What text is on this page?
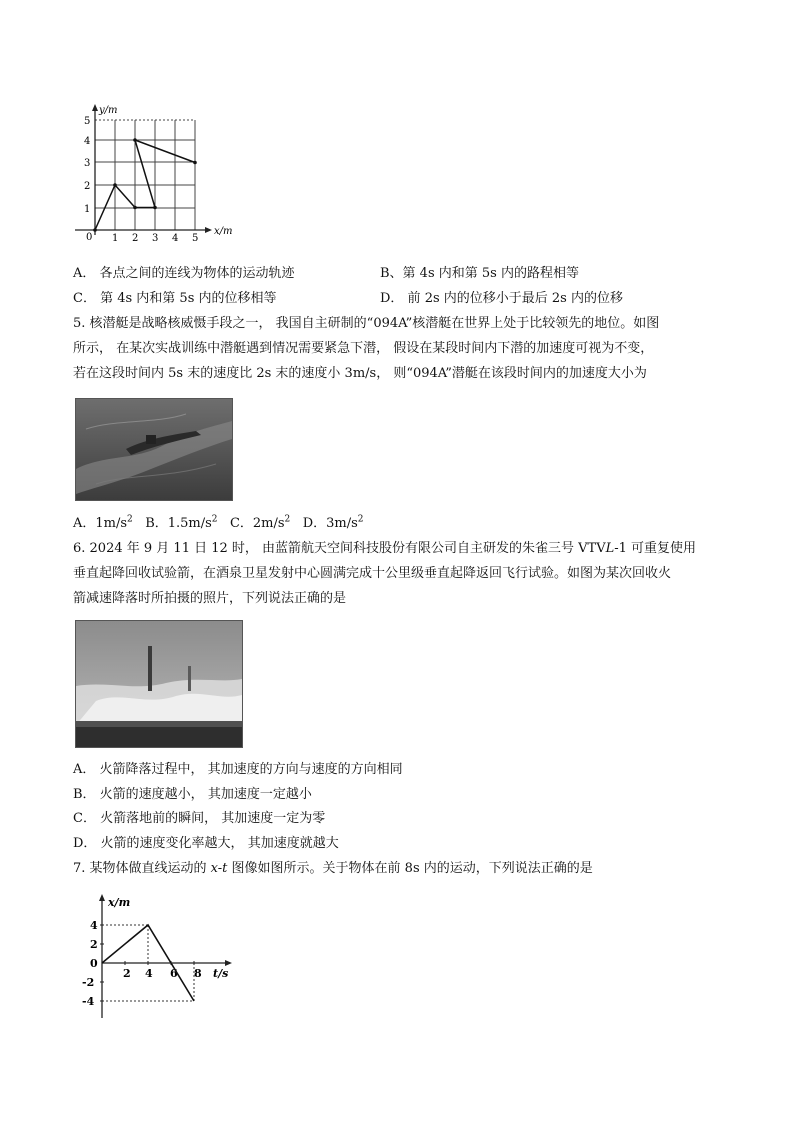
y/m
x/m
5
4
3
2
1
0 1 2 3 4 5
A． 各点之间的连线为物体的运动轨迹	B、第 4s 内和第 5s 内的路程相等
C． 第 4s 内和第 5s 内的位移相等	D． 前 2s 内的位移小于最后 2s 内的位移
5. 核潜艇是战略核威慑手段之一， 我国自主研制的“094A”核潜艇在世界上处于比较领先的地位。如图
所示， 在某次实战训练中潜艇遇到情况需要紧急下潜， 假设在某段时间内下潜的加速度可视为不变，
若在这段时间内 5s 末的速度比 2s 末的速度小 3m/s， 则“094A”潜艇在该段时间内的加速度大小为
A．$1m/s^2$ B．$1.5m/s^2$ C．$2m/s^2$ D．$3m/s^2$
6. 2024 年 9 月 11 日 12 时， 由蓝箭航天空间科技股份有限公司自主研发的朱雀三号 VTVL-1 可重复使用
垂直起降回收试验箭，在酒泉卫星发射中心圆满完成十公里级垂直起降返回飞行试验。如图为某次回收火
箭减速降落时所拍摄的照片，下列说法正确的是
A． 火箭降落过程中， 其加速度的方向与速度的方向相同
B． 火箭的速度越小， 其加速度一定越小
C． 火箭落地前的瞬间， 其加速度一定为零
D． 火箭的速度变化率越大， 其加速度就越大
7. 某物体做直线运动的 x-t 图像如图所示。关于物体在前 8s 内的运动，下列说法正确的是
x/m
t/s
4
2
0
-2
-4
2 4 6 8
